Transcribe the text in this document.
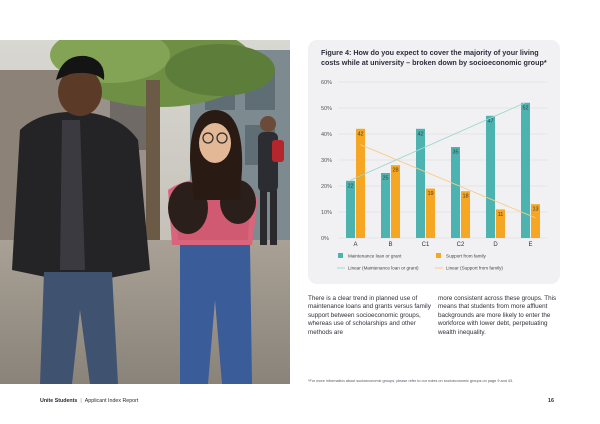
Figure 4: How do you expect to cover the majority of your living costs while at university – broken down by socioeconomic group*
0%
10%
20%
30%
40%
50%
60%
22
42
A
25
28
B
42
19
C1
35
18
C2
47
11
D
52
13
E
Maintenance loan or grant	Support from family
Linear (Maintenance loan or grant)	Linear (Support from family)

There is a clear trend in planned use of maintenance loans and grants versus family support between socioeconomic groups, whereas use of scholarships and other methods are

more consistent across these groups. This means that students from more affluent backgrounds are more likely to enter the workforce with lower debt, perpetuating wealth inequality.

*For more information about socioeconomic groups, please refer to our notes on socioeconomic groups on page 9 and 43.

Unite Students | Applicant Index Report	16
